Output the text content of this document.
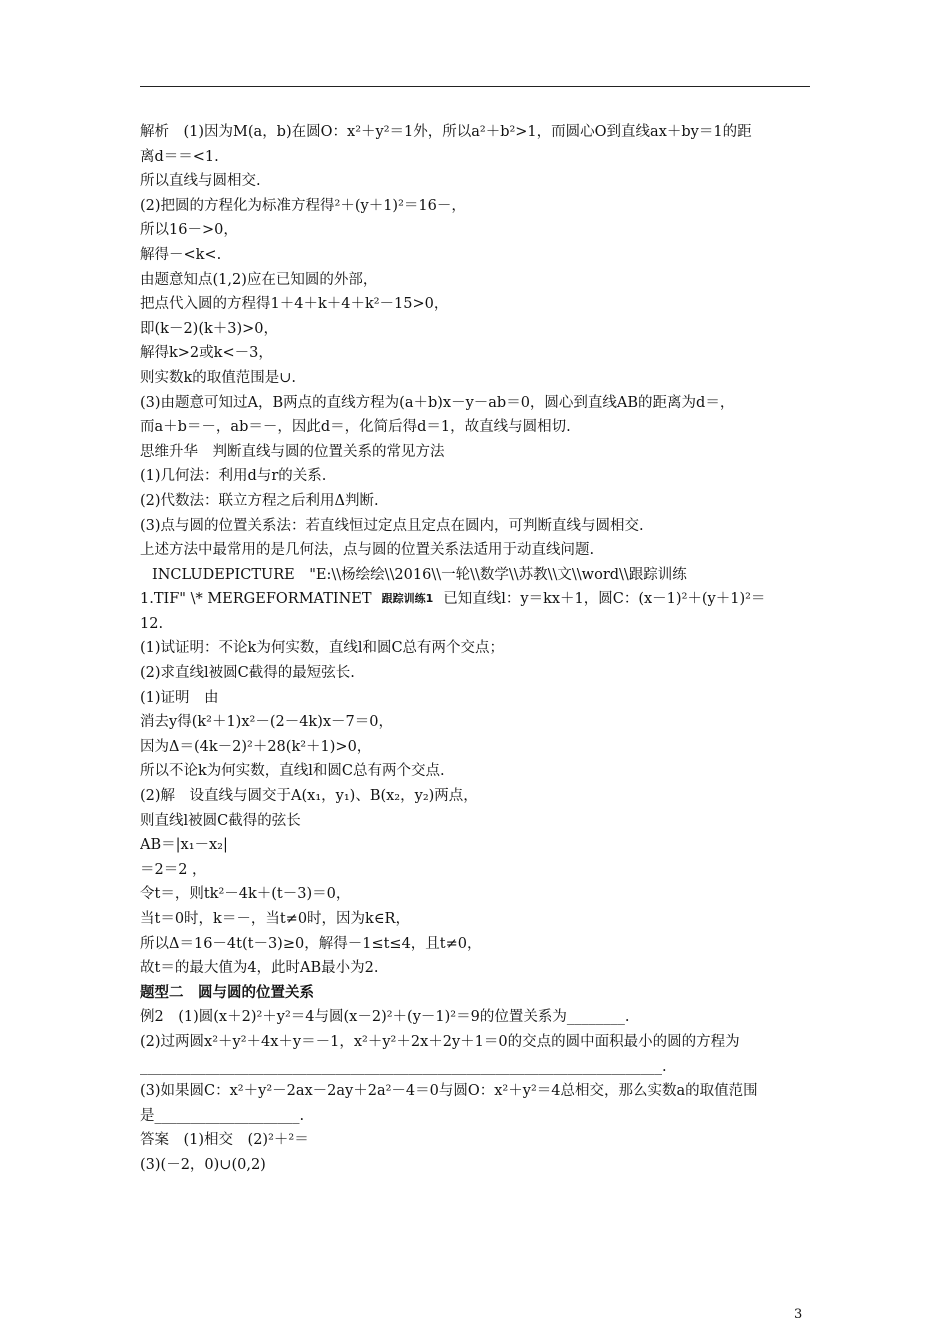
解析　(1)因为M(a，b)在圆O：x²＋y²＝1外，所以a²＋b²>1，而圆心O到直线ax＋by＝1的距
离d＝＝<1.
所以直线与圆相交.
(2)把圆的方程化为标准方程得²＋(y＋1)²＝16－，
所以16－>0，
解得－<k<.
由题意知点(1,2)应在已知圆的外部，
把点代入圆的方程得1＋4＋k＋4＋k²－15>0，
即(k－2)(k＋3)>0，
解得k>2或k<－3，
则实数k的取值范围是∪.
(3)由题意可知过A，B两点的直线方程为(a＋b)x－y－ab＝0，圆心到直线AB的距离为d＝，
而a＋b＝－，ab＝－，因此d＝，化简后得d＝1，故直线与圆相切.
思维升华　判断直线与圆的位置关系的常见方法
(1)几何法：利用d与r的关系.
(2)代数法：联立方程之后利用Δ判断.
(3)点与圆的位置关系法：若直线恒过定点且定点在圆内，可判断直线与圆相交.
上述方法中最常用的是几何法，点与圆的位置关系法适用于动直线问题.
INCLUDEPICTURE　"E:\\杨绘绘\\2016\\一轮\\数学\\苏教\\文\\word\\跟踪训练
1.TIF" \* MERGEFORMATINET 跟踪训练1 已知直线l：y＝kx＋1，圆C：(x－1)²＋(y＋1)²＝
12.
(1)试证明：不论k为何实数，直线l和圆C总有两个交点；
(2)求直线l被圆C截得的最短弦长.
(1)证明　由
消去y得(k²＋1)x²－(2－4k)x－7＝0，
因为Δ＝(4k－2)²＋28(k²＋1)>0，
所以不论k为何实数，直线l和圆C总有两个交点.
(2)解　设直线与圆交于A(x₁，y₁)、B(x₂，y₂)两点，
则直线l被圆C截得的弦长
AB＝|x₁－x₂|
＝2＝2 ，
令t＝，则tk²－4k＋(t－3)＝0，
当t＝0时，k＝－，当t≠0时，因为k∈R，
所以Δ＝16－4t(t－3)≥0，解得－1≤t≤4，且t≠0，
故t＝的最大值为4，此时AB最小为2.
题型二　圆与圆的位置关系
例2　(1)圆(x＋2)²＋y²＝4与圆(x－2)²＋(y－1)²＝9的位置关系为________.
(2)过两圆x²＋y²＋4x＋y＝－1，x²＋y²＋2x＋2y＋1＝0的交点的圆中面积最小的圆的方程为
________________________________________________________________________.
(3)如果圆C：x²＋y²－2ax－2ay＋2a²－4＝0与圆O：x²＋y²＝4总相交，那么实数a的取值范围
是____________________.
答案　(1)相交　(2)²＋²＝
(3)(－2，0)∪(0,2)
3
